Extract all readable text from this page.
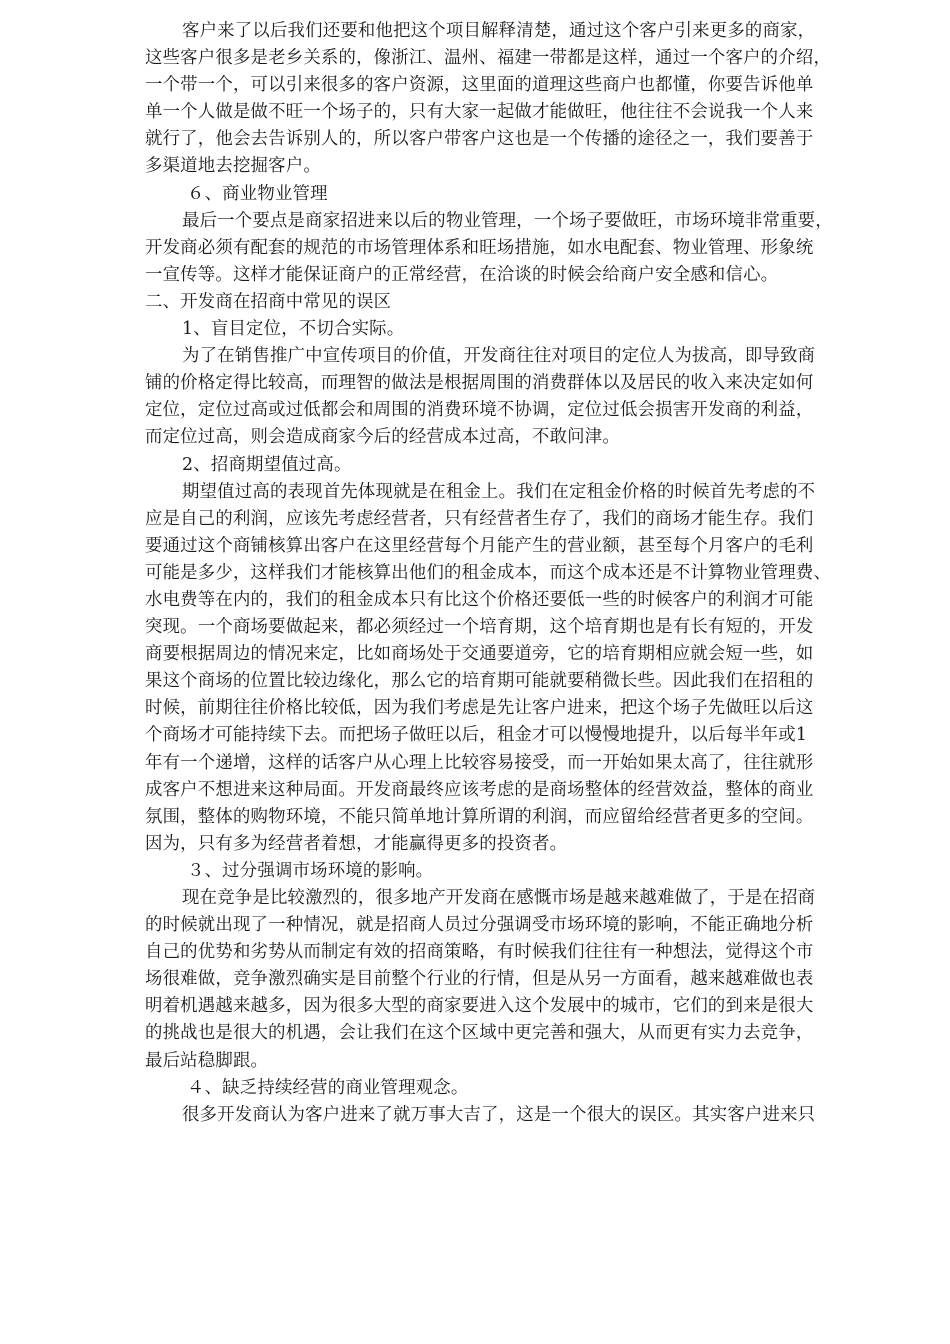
客户来了以后我们还要和他把这个项目解释清楚，通过这个客户引来更多的商家，
这些客户很多是老乡关系的，像浙江、温州、福建一带都是这样，通过一个客户的介绍，
一个带一个，可以引来很多的客户资源，这里面的道理这些商户也都懂，你要告诉他单
单一个人做是做不旺一个场子的，只有大家一起做才能做旺，他往往不会说我一个人来
就行了，他会去告诉别人的，所以客户带客户这也是一个传播的途径之一，我们要善于
多渠道地去挖掘客户。
６、商业物业管理
最后一个要点是商家招进来以后的物业管理，一个场子要做旺，市场环境非常重要，
开发商必须有配套的规范的市场管理体系和旺场措施，如水电配套、物业管理、形象统
一宣传等。这样才能保证商户的正常经营，在洽谈的时候会给商户安全感和信心。
二、开发商在招商中常见的误区
1、盲目定位，不切合实际。
为了在销售推广中宣传项目的价值，开发商往往对项目的定位人为拔高，即导致商
铺的价格定得比较高，而理智的做法是根据周围的消费群体以及居民的收入来决定如何
定位，定位过高或过低都会和周围的消费环境不协调，定位过低会损害开发商的利益，
而定位过高，则会造成商家今后的经营成本过高，不敢问津。
2、招商期望值过高。
期望值过高的表现首先体现就是在租金上。我们在定租金价格的时候首先考虑的不
应是自己的利润，应该先考虑经营者，只有经营者生存了，我们的商场才能生存。我们
要通过这个商铺核算出客户在这里经营每个月能产生的营业额，甚至每个月客户的毛利
可能是多少，这样我们才能核算出他们的租金成本，而这个成本还是不计算物业管理费、
水电费等在内的，我们的租金成本只有比这个价格还要低一些的时候客户的利润才可能
突现。一个商场要做起来，都必须经过一个培育期，这个培育期也是有长有短的，开发
商要根据周边的情况来定，比如商场处于交通要道旁，它的培育期相应就会短一些，如
果这个商场的位置比较边缘化，那么它的培育期可能就要稍微长些。因此我们在招租的
时候，前期往往价格比较低，因为我们考虑是先让客户进来，把这个场子先做旺以后这
个商场才可能持续下去。而把场子做旺以后，租金才可以慢慢地提升，以后每半年或1
年有一个递增，这样的话客户从心理上比较容易接受，而一开始如果太高了，往往就形
成客户不想进来这种局面。开发商最终应该考虑的是商场整体的经营效益，整体的商业
氛围，整体的购物环境，不能只简单地计算所谓的利润，而应留给经营者更多的空间。
因为，只有多为经营者着想，才能赢得更多的投资者。
３、过分强调市场环境的影响。
现在竞争是比较激烈的，很多地产开发商在感慨市场是越来越难做了，于是在招商
的时候就出现了一种情况，就是招商人员过分强调受市场环境的影响，不能正确地分析
自己的优势和劣势从而制定有效的招商策略，有时候我们往往有一种想法，觉得这个市
场很难做，竞争激烈确实是目前整个行业的行情，但是从另一方面看，越来越难做也表
明着机遇越来越多，因为很多大型的商家要进入这个发展中的城市，它们的到来是很大
的挑战也是很大的机遇，会让我们在这个区域中更完善和强大，从而更有实力去竞争，
最后站稳脚跟。
４、缺乏持续经营的商业管理观念。
很多开发商认为客户进来了就万事大吉了，这是一个很大的误区。其实客户进来只
